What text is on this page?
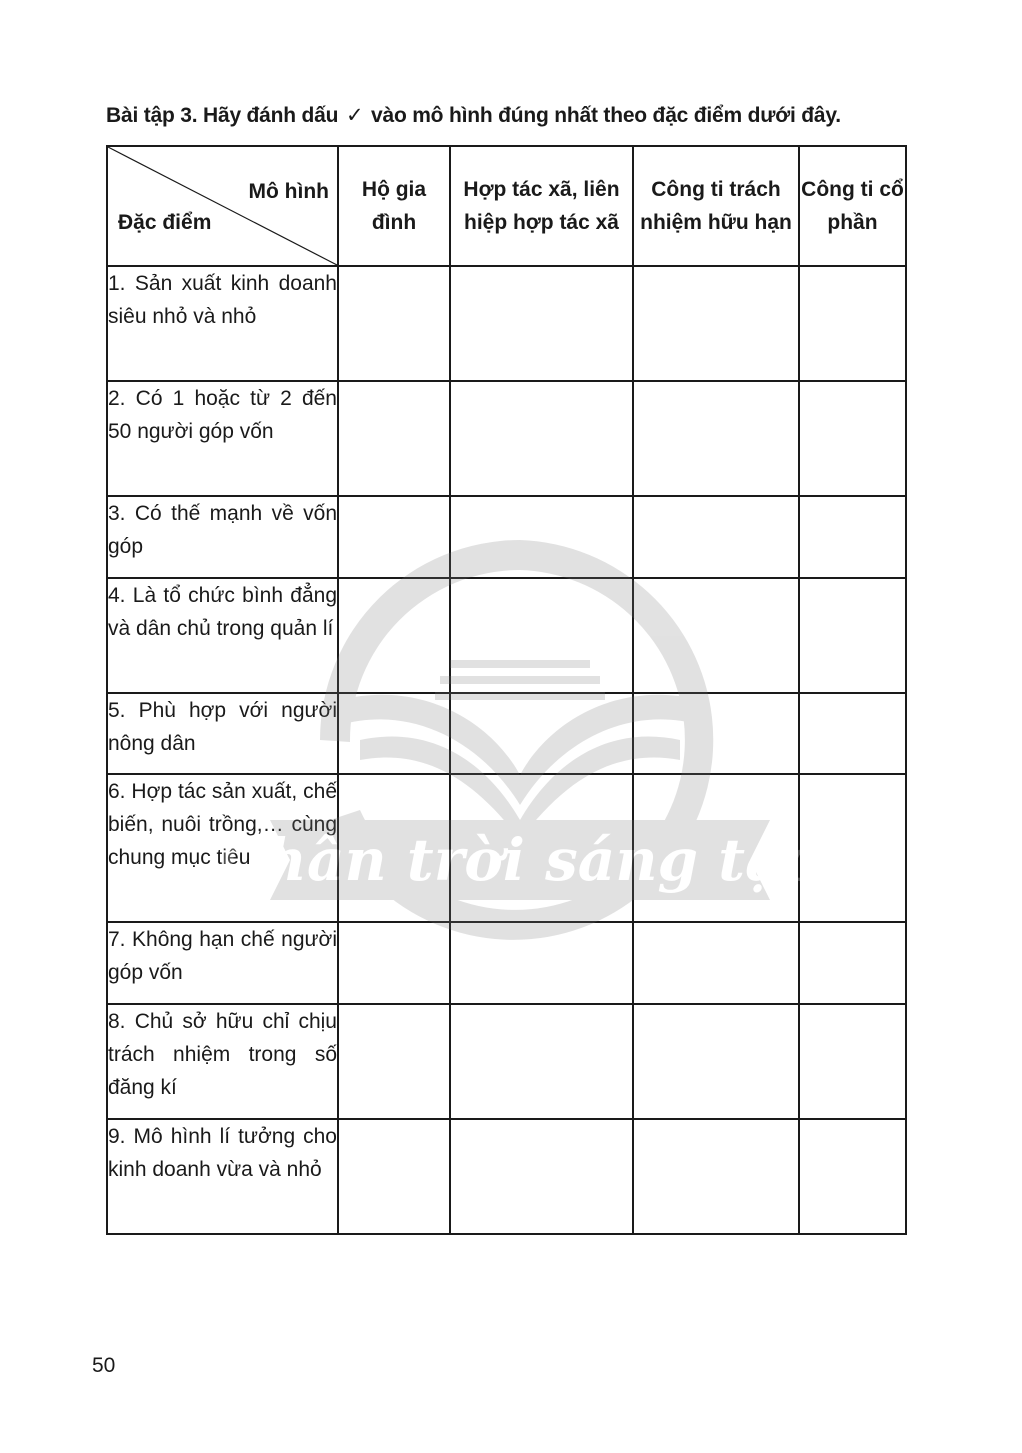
Bài tập 3. Hãy đánh dấu ✓ vào mô hình đúng nhất theo đặc điểm dưới đây.
Mô hình
Đặc điểm	Hộ gia đình	Hợp tác xã, liên hiệp hợp tác xã	Công ti trách nhiệm hữu hạn	Công ti cổ phần
1. Sản xuất kinh doanh siêu nhỏ và nhỏ				
2. Có 1 hoặc từ 2 đến 50 người góp vốn				
3. Có thế mạnh về vốn góp				
4. Là tổ chức bình đẳng và dân chủ trong quản lí				
5. Phù hợp với người nông dân				
6. Hợp tác sản xuất, chế biến, nuôi trồng,… cùng chung mục tiêu				
7. Không hạn chế người góp vốn				
8. Chủ sở hữu chỉ chịu trách nhiệm trong số đăng kí				
9. Mô hình lí tưởng cho kinh doanh vừa và nhỏ				
Chân trời sáng tạo
50
